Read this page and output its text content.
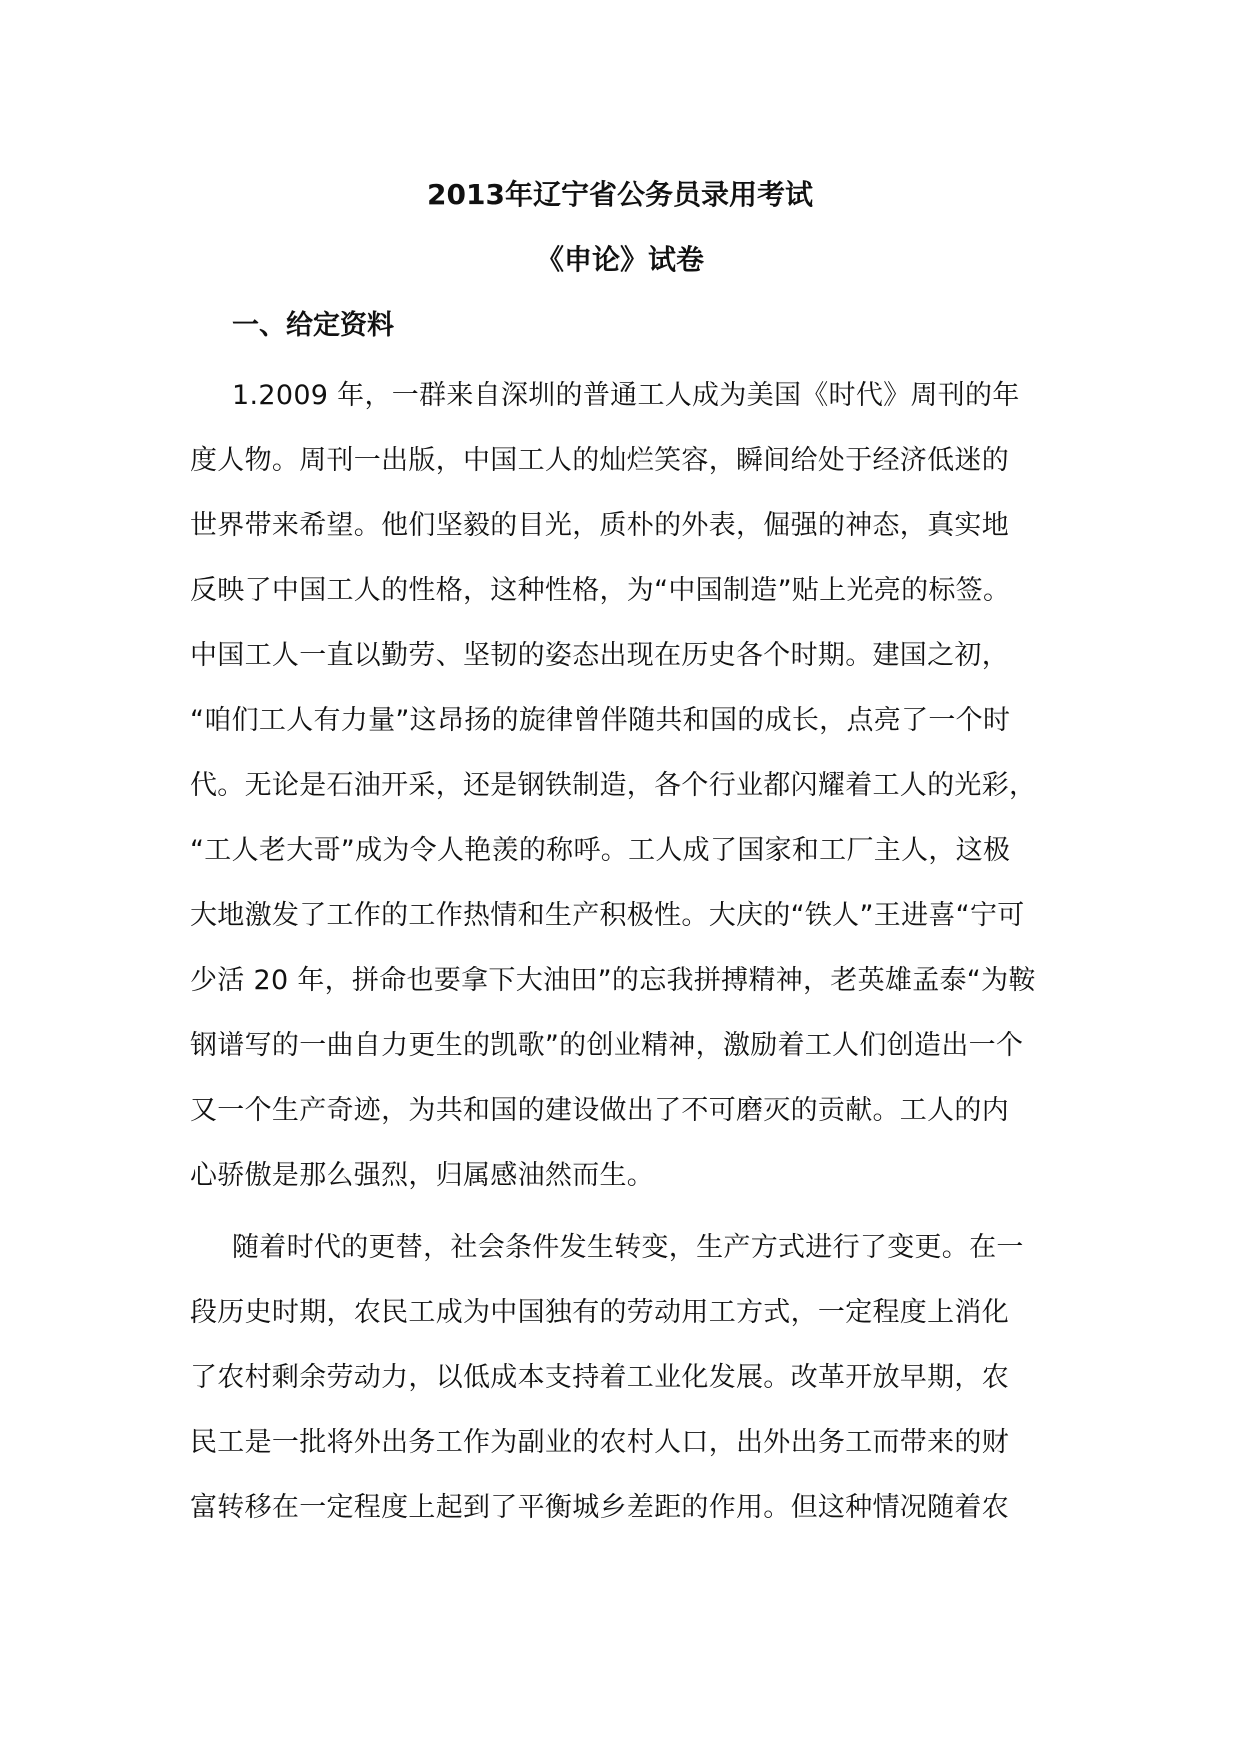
2013年辽宁省公务员录用考试
《申论》试卷
一、给定资料
1.2009 年，一群来自深圳的普通工人成为美国《时代》周刊的年
度人物。周刊一出版，中国工人的灿烂笑容，瞬间给处于经济低迷的
世界带来希望。他们坚毅的目光，质朴的外表，倔强的神态，真实地
反映了中国工人的性格，这种性格，为“中国制造”贴上光亮的标签。
中国工人一直以勤劳、坚韧的姿态出现在历史各个时期。建国之初，
“咱们工人有力量”这昂扬的旋律曾伴随共和国的成长，点亮了一个时
代。无论是石油开采，还是钢铁制造，各个行业都闪耀着工人的光彩，
“工人老大哥”成为令人艳羡的称呼。工人成了国家和工厂主人，这极
大地激发了工作的工作热情和生产积极性。大庆的“铁人”王进喜“宁可
少活 20 年，拼命也要拿下大油田”的忘我拼搏精神，老英雄孟泰“为鞍
钢谱写的一曲自力更生的凯歌”的创业精神，激励着工人们创造出一个
又一个生产奇迹，为共和国的建设做出了不可磨灭的贡献。工人的内
心骄傲是那么强烈，归属感油然而生。
随着时代的更替，社会条件发生转变，生产方式进行了变更。在一
段历史时期，农民工成为中国独有的劳动用工方式，一定程度上消化
了农村剩余劳动力，以低成本支持着工业化发展。改革开放早期，农
民工是一批将外出务工作为副业的农村人口，出外出务工而带来的财
富转移在一定程度上起到了平衡城乡差距的作用。但这种情况随着农
